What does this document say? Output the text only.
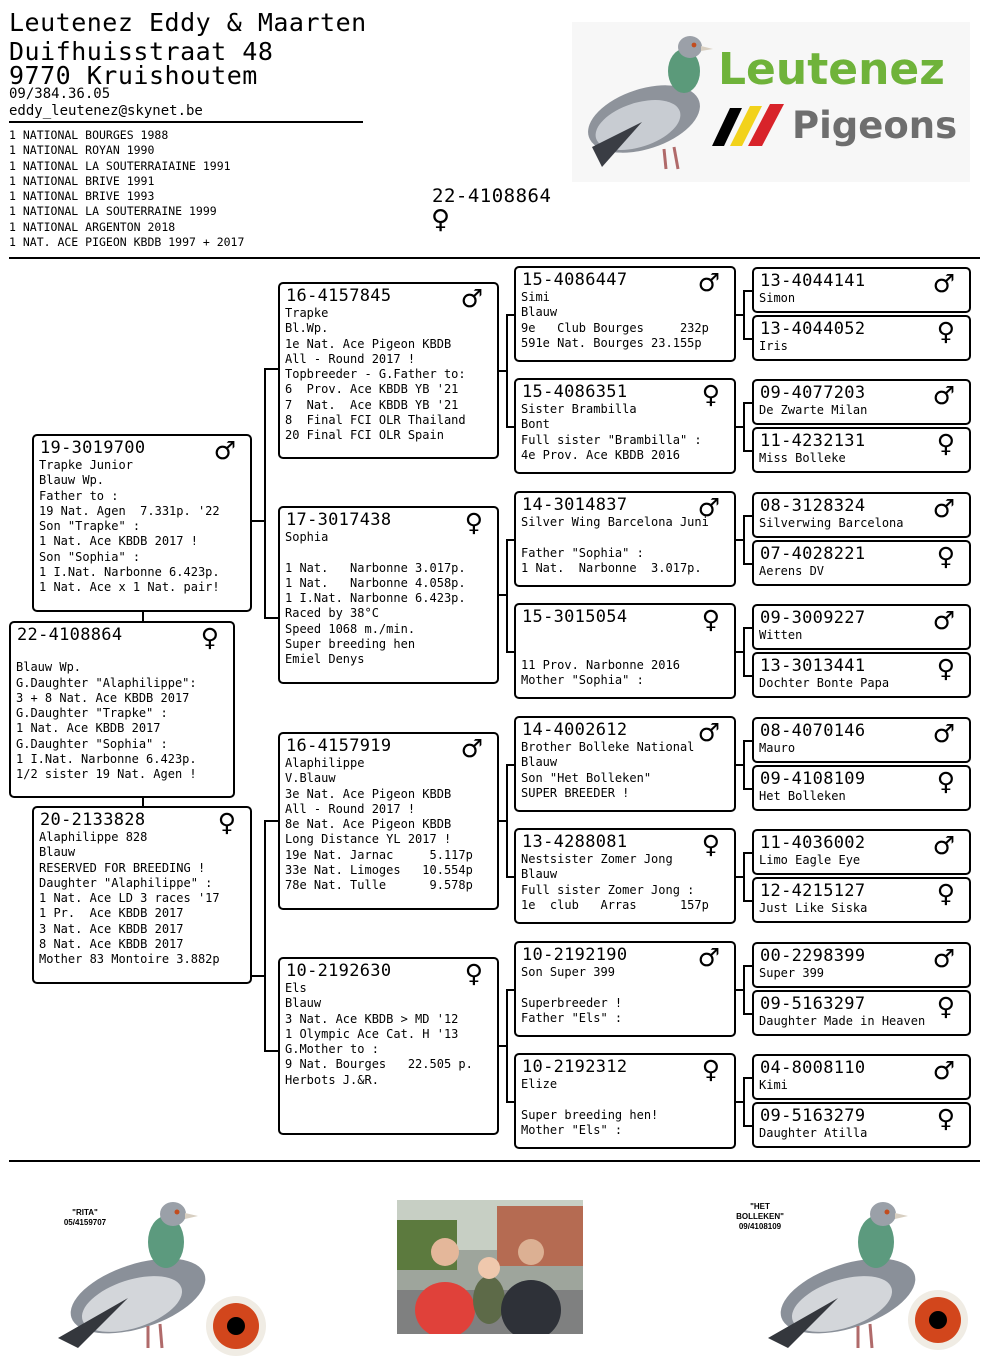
Leutenez Eddy & Maarten
Duifhuisstraat 48
9770 Kruishoutem
09/384.36.05
eddy_leutenez@skynet.be
1 NATIONAL BOURGES 1988
1 NATIONAL ROYAN 1990
1 NATIONAL LA SOUTERRAIAINE 1991
1 NATIONAL BRIVE 1991
1 NATIONAL BRIVE 1993
1 NATIONAL LA SOUTERRAINE 1999
1 NATIONAL ARGENTON 2018
1 NAT. ACE PIGEON KBDB 1997 + 2017
22-4108864
♀
Leutenez
Pigeons
22-4108864	♀
Blauw Wp.
G.Daughter "Alaphilippe":
3 + 8 Nat. Ace KBDB 2017
G.Daughter "Trapke" :
1 Nat. Ace KBDB 2017
G.Daughter "Sophia" :
1 I.Nat. Narbonne 6.423p.
1/2 sister 19 Nat. Agen !
19-3019700	♂
Trapke Junior
Blauw Wp.
Father to :
19 Nat. Agen  7.331p. '22
Son "Trapke" :
1 Nat. Ace KBDB 2017 !
Son "Sophia" :
1 I.Nat. Narbonne 6.423p.
1 Nat. Ace x 1 Nat. pair!
20-2133828	♀
Alaphilippe 828
Blauw
RESERVED FOR BREEDING !
Daughter "Alaphilippe" :
1 Nat. Ace LD 3 races '17
1 Pr.  Ace KBDB 2017
3 Nat. Ace KBDB 2017
8 Nat. Ace KBDB 2017
Mother 83 Montoire 3.882p
16-4157845	♂
Trapke
Bl.Wp.
1e Nat. Ace Pigeon KBDB
All - Round 2017 !
Topbreeder - G.Father to:
6  Prov. Ace KBDB YB '21
7  Nat.  Ace KBDB YB '21
8  Final FCI OLR Thailand
20 Final FCI OLR Spain
17-3017438	♀
Sophia
1 Nat.   Narbonne 3.017p.
1 Nat.   Narbonne 4.058p.
1 I.Nat. Narbonne 6.423p.
Raced by 38°C
Speed 1068 m./min.
Super breeding hen
Emiel Denys
16-4157919	♂
Alaphilippe
V.Blauw
3e Nat. Ace Pigeon KBDB
All - Round 2017 !
8e Nat. Ace Pigeon KBDB
Long Distance YL 2017 !
19e Nat. Jarnac     5.117p
33e Nat. Limoges   10.554p
78e Nat. Tulle      9.578p
10-2192630	♀
Els
Blauw
3 Nat. Ace KBDB > MD '12
1 Olympic Ace Cat. H '13
G.Mother to :
9 Nat. Bourges   22.505 p.
Herbots J.&R.
15-4086447	♂
Simi
Blauw
9e   Club Bourges     232p
591e Nat. Bourges 23.155p
15-4086351	♀
Sister Brambilla
Bont
Full sister "Brambilla" :
4e Prov. Ace KBDB 2016
14-3014837	♂
Silver Wing Barcelona Juni
Father "Sophia" :
1 Nat.  Narbonne  3.017p.
15-3015054	♀
11 Prov. Narbonne 2016
Mother "Sophia" :
14-4002612	♂
Brother Bolleke National
Blauw
Son "Het Bolleken"
SUPER BREEDER !
13-4288081	♀
Nestsister Zomer Jong
Blauw
Full sister Zomer Jong :
1e  club   Arras      157p
10-2192190	♂
Son Super 399
Superbreeder !
Father "Els" :
10-2192312	♀
Elize
Super breeding hen!
Mother "Els" :
13-4044141	♂
Simon
13-4044052	♀
Iris
09-4077203	♂
De Zwarte Milan
11-4232131	♀
Miss Bolleke
08-3128324	♂
Silverwing Barcelona
07-4028221	♀
Aerens DV
09-3009227	♂
Witten
13-3013441	♀
Dochter Bonte Papa
08-4070146	♂
Mauro
09-4108109	♀
Het Bolleken
11-4036002	♂
Limo Eagle Eye
12-4215127	♀
Just Like Siska
00-2298399	♂
Super 399
09-5163297	♀
Daughter Made in Heaven
04-8008110	♂
Kimi
09-5163279	♀
Daughter Atilla
"RITA"
05/4159707
"HET BOLLEKEN"
09/4108109
